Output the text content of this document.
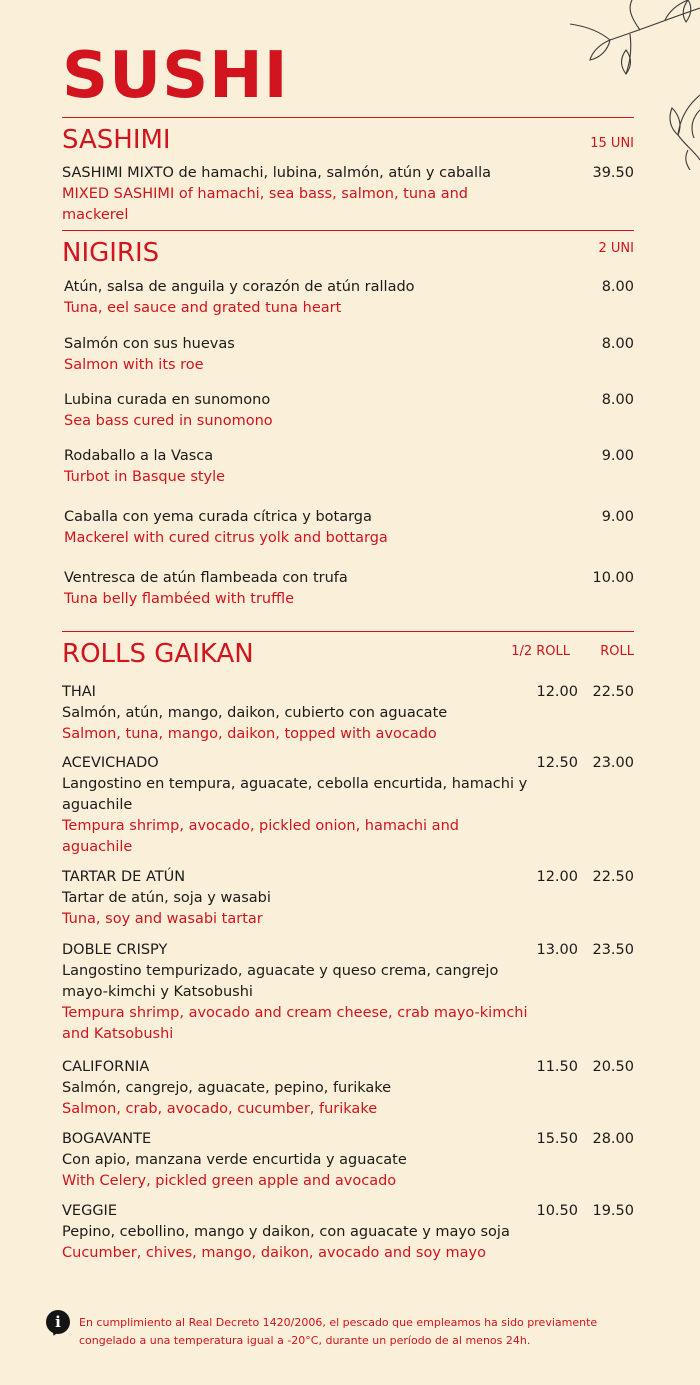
SUSHI
SASHIMI	15 UNI
SASHIMI MIXTO de hamachi, lubina, salmón, atún y caballa
MIXED SASHIMI of hamachi, sea bass, salmon, tuna and mackerel
39.50
NIGIRIS	2 UNI
Atún, salsa de anguila y corazón de atún rallado
Tuna, eel sauce and grated tuna heart
8.00
Salmón con sus huevas
Salmon with its roe
8.00
Lubina curada en sunomono
Sea bass cured in sunomono
8.00
Rodaballo a la Vasca
Turbot in Basque style
9.00
Caballa con yema curada cítrica y botarga
Mackerel with cured citrus yolk and bottarga
9.00
Ventresca de atún flambeada con trufa
Tuna belly flambéed with truffle
10.00
ROLLS GAIKAN	1/2 ROLL ROLL
THAI
Salmón, atún, mango, daikon, cubierto con aguacate
Salmon, tuna, mango, daikon, topped with avocado
12.00 22.50
ACEVICHADO
Langostino en tempura, aguacate, cebolla encurtida, hamachi y aguachile
Tempura shrimp, avocado, pickled onion, hamachi and aguachile
12.50 23.00
TARTAR DE ATÚN
Tartar de atún, soja y wasabi
Tuna, soy and wasabi tartar
12.00 22.50
DOBLE CRISPY
Langostino tempurizado, aguacate y queso crema, cangrejo mayo-kimchi y Katsobushi
Tempura shrimp, avocado and cream cheese, crab mayo-kimchi and Katsobushi
13.00 23.50
CALIFORNIA
Salmón, cangrejo, aguacate, pepino, furikake
Salmon, crab, avocado, cucumber, furikake
11.50 20.50
BOGAVANTE
Con apio, manzana verde encurtida y aguacate
With Celery, pickled green apple and avocado
15.50 28.00
VEGGIE
Pepino, cebollino, mango y daikon, con aguacate y mayo soja
Cucumber, chives, mango, daikon, avocado and soy mayo
10.50 19.50
i	En cumplimiento al Real Decreto 1420/2006, el pescado que empleamos ha sido previamente congelado a una temperatura igual a -20°C, durante un período de al menos 24h.
